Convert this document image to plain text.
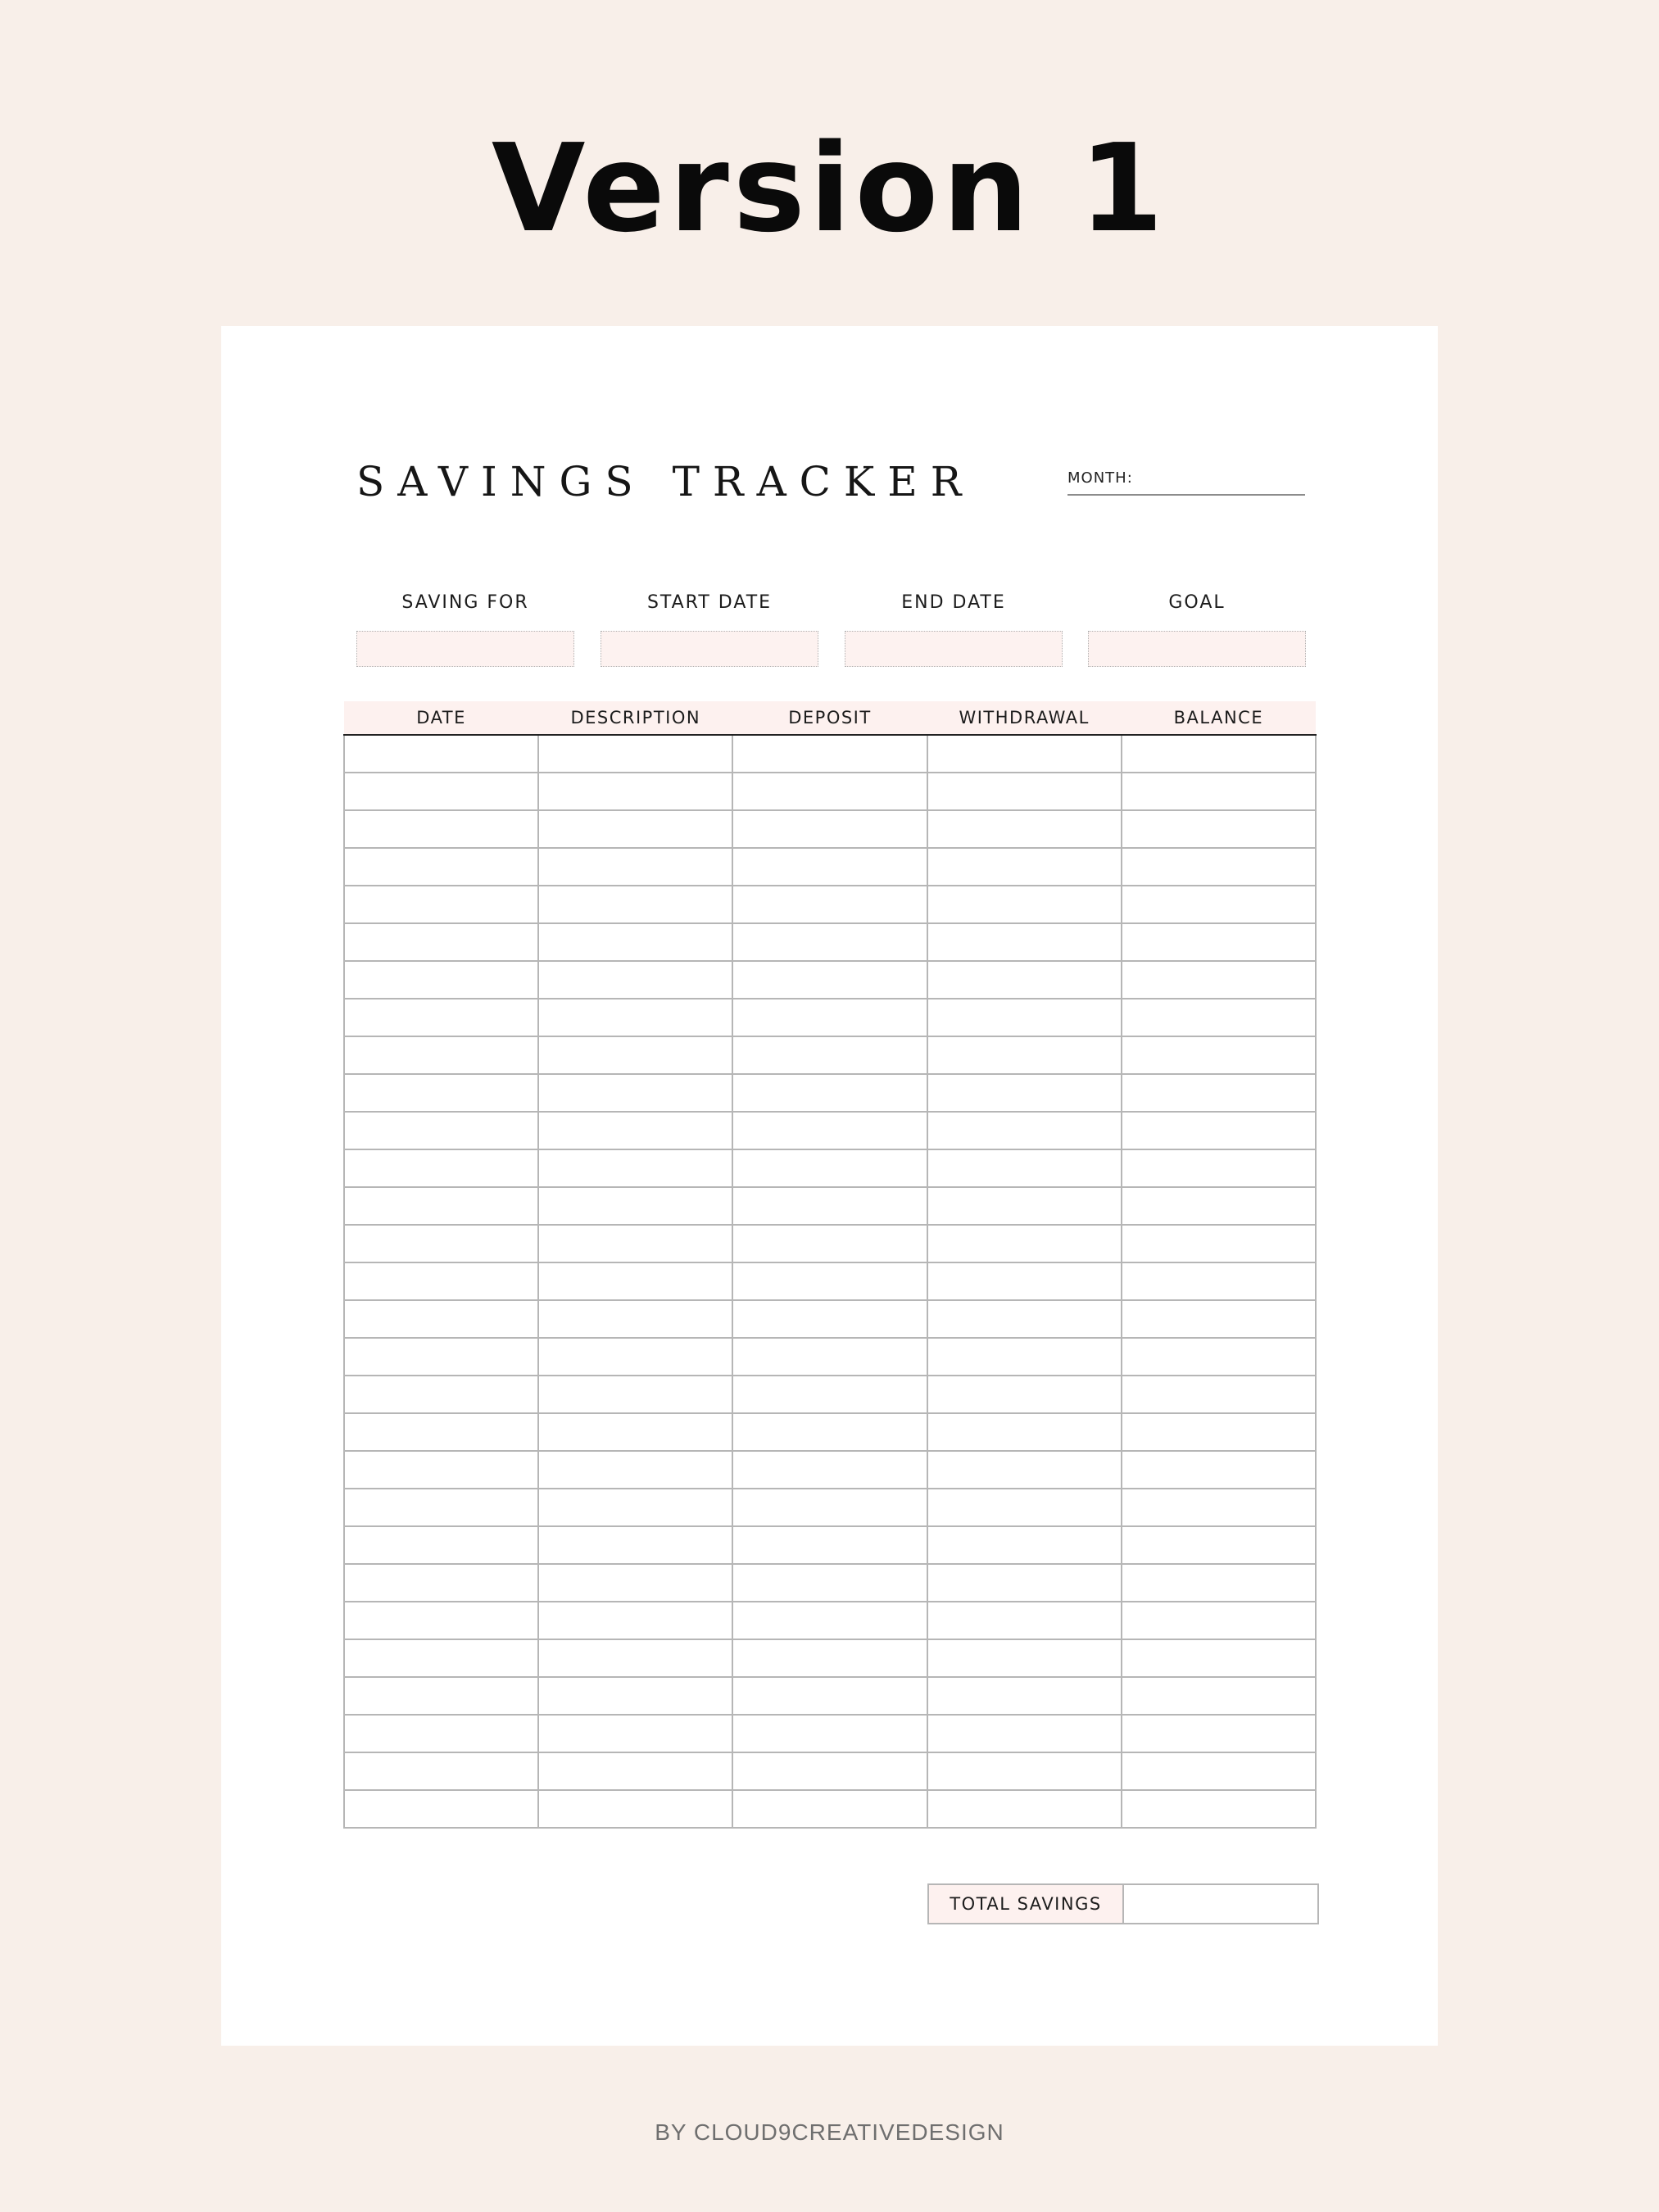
Version 1
SAVINGS TRACKER	MONTH:
SAVING FOR	START DATE	END DATE	GOAL
DATE	DESCRIPTION	DEPOSIT	WITHDRAWAL	BALANCE

TOTAL SAVINGS
BY CLOUD9CREATIVEDESIGN
